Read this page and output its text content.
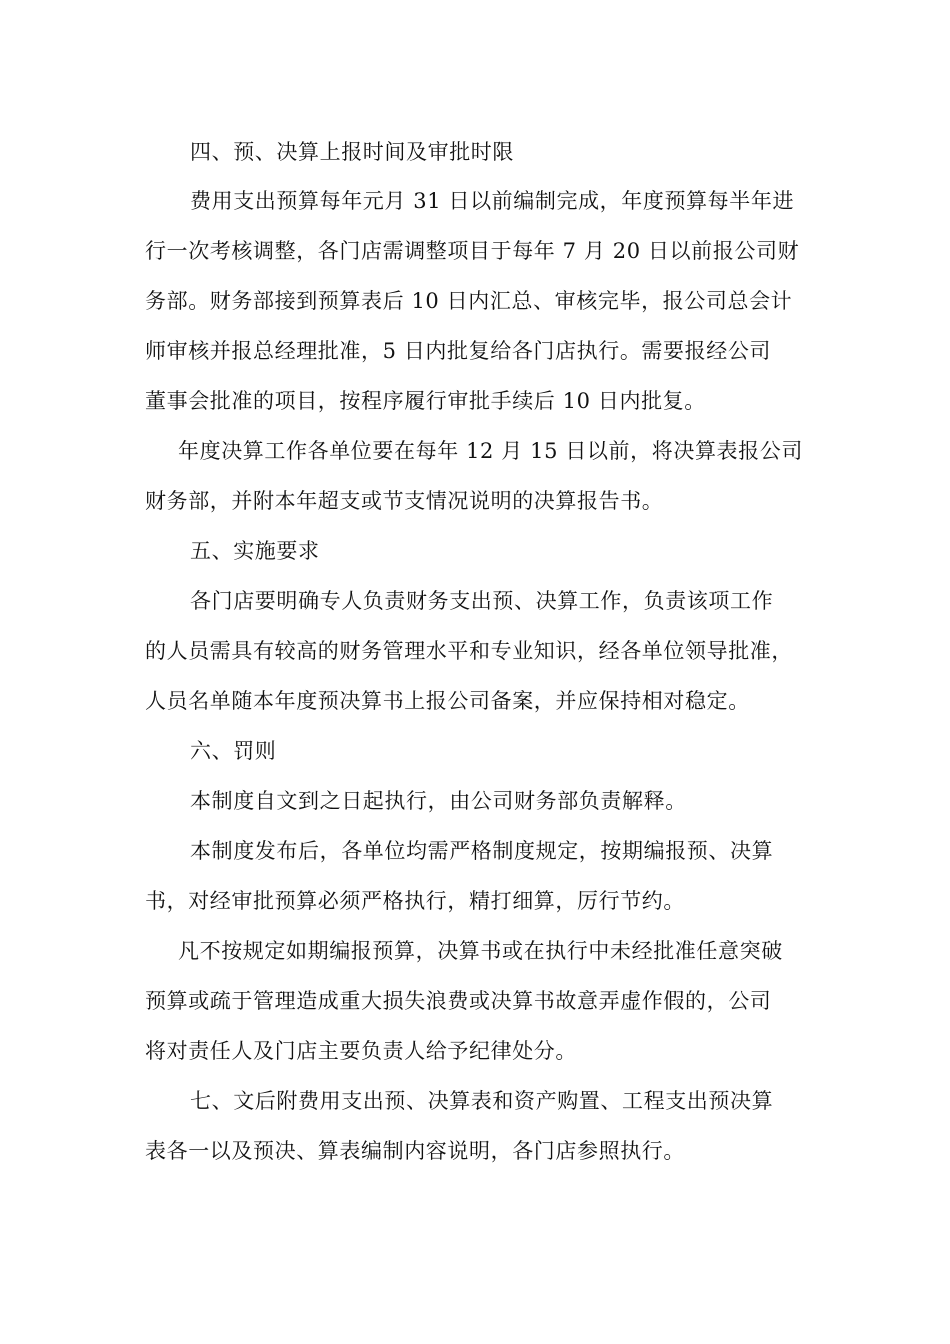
四、预、决算上报时间及审批时限
费用支出预算每年元月 31 日以前编制完成，年度预算每半年进
行一次考核调整，各门店需调整项目于每年 7 月 20 日以前报公司财
务部。财务部接到预算表后 10 日内汇总、审核完毕，报公司总会计
师审核并报总经理批准，5 日内批复给各门店执行。需要报经公司
董事会批准的项目，按程序履行审批手续后 10 日内批复。
年度决算工作各单位要在每年 12 月 15 日以前，将决算表报公司
财务部，并附本年超支或节支情况说明的决算报告书。
五、实施要求
各门店要明确专人负责财务支出预、决算工作，负责该项工作
的人员需具有较高的财务管理水平和专业知识，经各单位领导批准，
人员名单随本年度预决算书上报公司备案，并应保持相对稳定。
六、罚则
本制度自文到之日起执行，由公司财务部负责解释。
本制度发布后，各单位均需严格制度规定，按期编报预、决算
书，对经审批预算必须严格执行，精打细算，厉行节约。
凡不按规定如期编报预算，决算书或在执行中未经批准任意突破
预算或疏于管理造成重大损失浪费或决算书故意弄虚作假的，公司
将对责任人及门店主要负责人给予纪律处分。
七、文后附费用支出预、决算表和资产购置、工程支出预决算
表各一以及预决、算表编制内容说明，各门店参照执行。
